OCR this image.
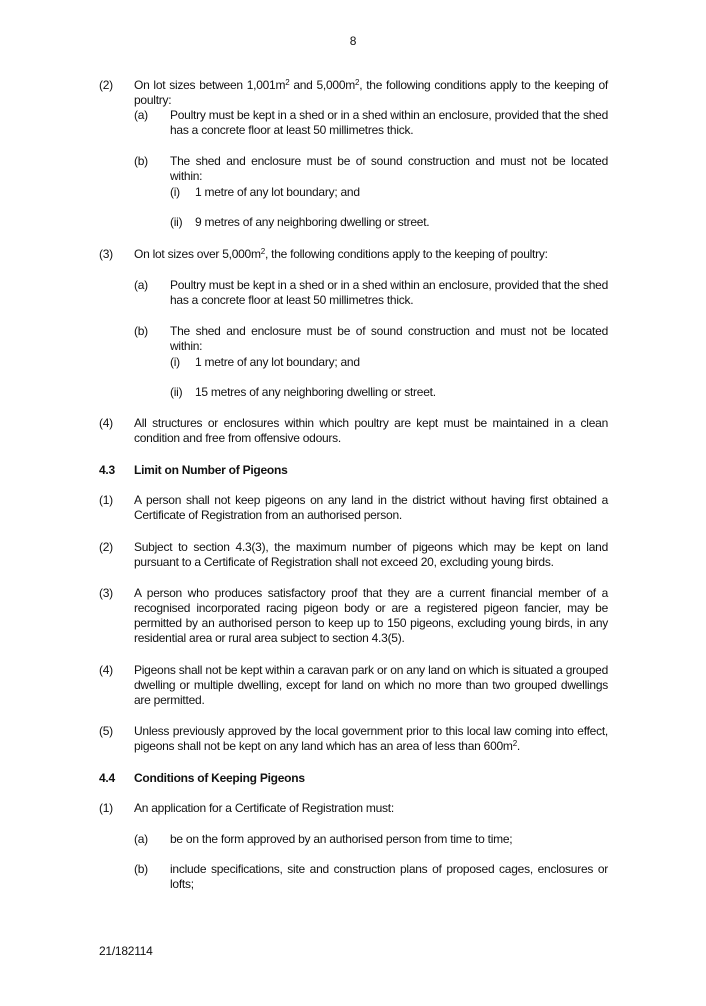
8
(2) On lot sizes between $1,001m^2$ and $5,000m^2$, the following conditions apply to the keeping of poultry:
(a) Poultry must be kept in a shed or in a shed within an enclosure, provided that the shed has a concrete floor at least 50 millimetres thick.
(b) The shed and enclosure must be of sound construction and must not be located within:
(i) 1 metre of any lot boundary; and
(ii) 9 metres of any neighboring dwelling or street.
(3) On lot sizes over $5,000m^2$, the following conditions apply to the keeping of poultry:
(a) Poultry must be kept in a shed or in a shed within an enclosure, provided that the shed has a concrete floor at least 50 millimetres thick.
(b) The shed and enclosure must be of sound construction and must not be located within:
(i) 1 metre of any lot boundary; and
(ii) 15 metres of any neighboring dwelling or street.
(4) All structures or enclosures within which poultry are kept must be maintained in a clean condition and free from offensive odours.
4.3 Limit on Number of Pigeons
(1) A person shall not keep pigeons on any land in the district without having first obtained a Certificate of Registration from an authorised person.
(2) Subject to section 4.3(3), the maximum number of pigeons which may be kept on land pursuant to a Certificate of Registration shall not exceed 20, excluding young birds.
(3) A person who produces satisfactory proof that they are a current financial member of a recognised incorporated racing pigeon body or are a registered pigeon fancier, may be permitted by an authorised person to keep up to 150 pigeons, excluding young birds, in any residential area or rural area subject to section 4.3(5).
(4) Pigeons shall not be kept within a caravan park or on any land on which is situated a grouped dwelling or multiple dwelling, except for land on which no more than two grouped dwellings are permitted.
(5) Unless previously approved by the local government prior to this local law coming into effect, pigeons shall not be kept on any land which has an area of less than $600m^2$.
4.4 Conditions of Keeping Pigeons
(1) An application for a Certificate of Registration must:
(a) be on the form approved by an authorised person from time to time;
(b) include specifications, site and construction plans of proposed cages, enclosures or lofts;
21/182114
